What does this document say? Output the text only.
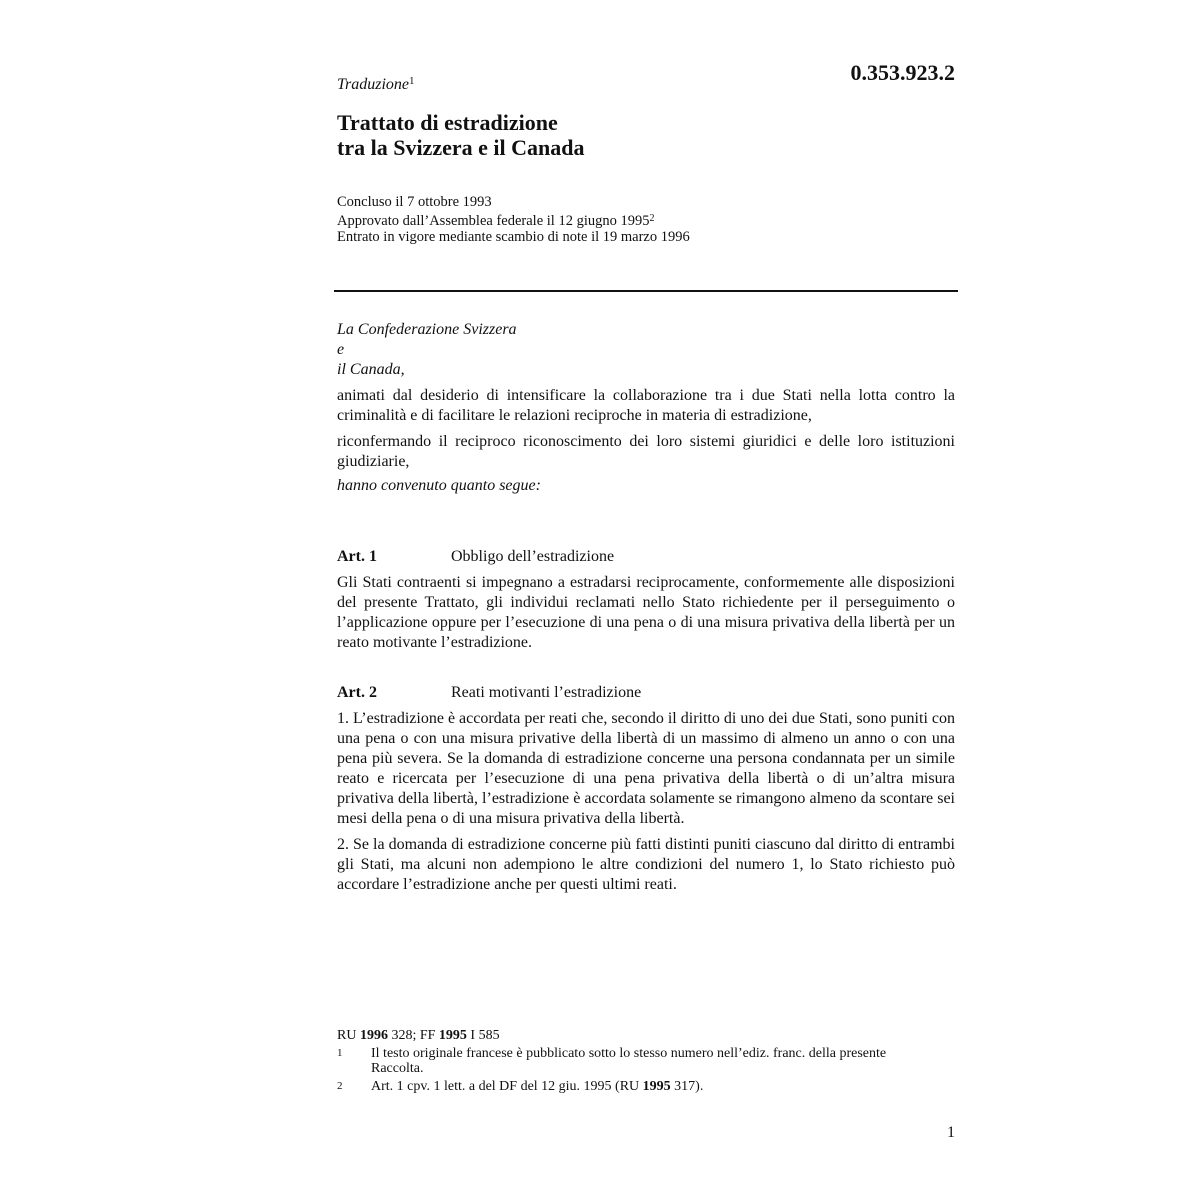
0.353.923.2
Traduzione$^1$
Trattato di estradizione
tra la Svizzera e il Canada
Concluso il 7 ottobre 1993
Approvato dall’Assemblea federale il 12 giugno 1995$^2$
Entrato in vigore mediante scambio di note il 19 marzo 1996
La Confederazione Svizzera
e
il Canada,
animati dal desiderio di intensificare la collaborazione tra i due Stati nella lotta contro la criminalità e di facilitare le relazioni reciproche in materia di estradizione,
riconfermando il reciproco riconoscimento dei loro sistemi giuridici e delle loro istituzioni giudiziarie,
hanno convenuto quanto segue:
Art. 1	Obbligo dell’estradizione
Gli Stati contraenti si impegnano a estradarsi reciprocamente, conformemente alle disposizioni del presente Trattato, gli individui reclamati nello Stato richiedente per il perseguimento o l’applicazione oppure per l’esecuzione di una pena o di una misura privativa della libertà per un reato motivante l’estradizione.
Art. 2	Reati motivanti l’estradizione
1. L’estradizione è accordata per reati che, secondo il diritto di uno dei due Stati, sono puniti con una pena o con una misura privative della libertà di un massimo di almeno un anno o con una pena più severa. Se la domanda di estradizione concerne una persona condannata per un simile reato e ricercata per l’esecuzione di una pena privativa della libertà o di un’altra misura privativa della libertà, l’estradizione è accordata solamente se rimangono almeno da scontare sei mesi della pena o di una misura privativa della libertà.
2. Se la domanda di estradizione concerne più fatti distinti puniti ciascuno dal diritto di entrambi gli Stati, ma alcuni non adempiono le altre condizioni del numero 1, lo Stato richiesto può accordare l’estradizione anche per questi ultimi reati.
RU 1996 328; FF 1995 I 585
1	Il testo originale francese è pubblicato sotto lo stesso numero nell’ediz. franc. della presente Raccolta.
2	Art. 1 cpv. 1 lett. a del DF del 12 giu. 1995 (RU 1995 317).
1
